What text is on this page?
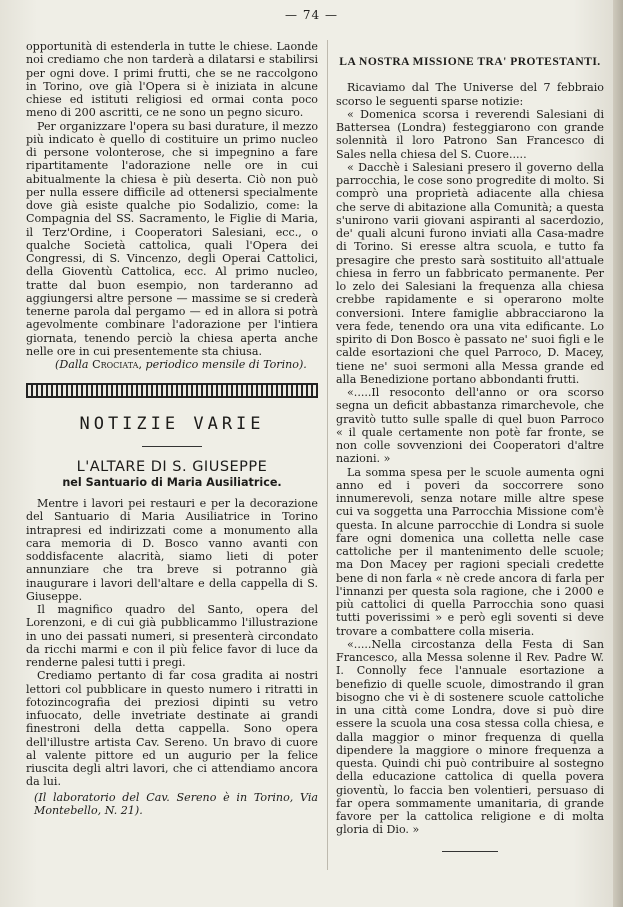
— 74 —

opportunità di estenderla in tutte le chiese. Laonde noi crediamo che non tarderà a dilatarsi e stabilirsi per ogni dove. I primi frutti, che se ne raccolgono in Torino, ove già l'Opera si è iniziata in alcune chiese ed istituti religiosi ed ormai conta poco meno di 200 ascritti, ce ne sono un pegno sicuro.

Per organizzare l'opera su basi durature, il mezzo più indicato è quello di costituire un primo nucleo di persone volonterose, che si impegnino a fare ripartitamente l'adorazione nelle ore in cui abitualmente la chiesa è più deserta. Ciò non può per nulla essere difficile ad ottenersi specialmente dove già esiste qualche pio Sodalizio, come: la Compagnia del SS. Sacramento, le Figlie di Maria, il Terz'Ordine, i Cooperatori Salesiani, ecc., o qualche Società cattolica, quali l'Opera dei Congressi, di S. Vincenzo, degli Operai Cattolici, della Gioventù Cattolica, ecc. Al primo nucleo, tratte dal buon esempio, non tarderanno ad aggiungersi altre persone — massime se si crederà tenerne parola dal pergamo — ed in allora si potrà agevolmente combinare l'adorazione per l'intiera giornata, tenendo perciò la chiesa aperta anche nelle ore in cui presentemente sta chiusa.

(Dalla Crociata, periodico mensile di Torino).

NOTIZIE VARIE
L'ALTARE DI S. GIUSEPPE
nel Santuario di Maria Ausiliatrice.

Mentre i lavori pei restauri e per la decorazione del Santuario di Maria Ausiliatrice in Torino intrapresi ed indirizzati come a monumento alla cara memoria di D. Bosco vanno avanti con soddisfacente alacrità, siamo lieti di poter annunziare che tra breve si potranno già inaugurare i lavori dell'altare e della cappella di S. Giuseppe.

Il magnifico quadro del Santo, opera del Lorenzoni, e di cui già pubblicammo l'illustrazione in uno dei passati numeri, si presenterà circondato da ricchi marmi e con il più felice favor di luce da renderne palesi tutti i pregi.

Crediamo pertanto di far cosa gradita ai nostri lettori col pubblicare in questo numero i ritratti in fotozincografia dei preziosi dipinti su vetro infuocato, delle invetriate destinate ai grandi finestroni della detta cappella. Sono opera dell'illustre artista Cav. Sereno. Un bravo di cuore al valente pittore ed un augurio per la felice riuscita degli altri lavori, che ci attendiamo ancora da lui.

(Il laboratorio del Cav. Sereno è in Torino, Via Montebello, N. 21).

LA NOSTRA MISSIONE TRA' PROTESTANTI.

Ricaviamo dal The Universe del 7 febbraio scorso le seguenti sparse notizie:

« Domenica scorsa i reverendi Salesiani di Battersea (Londra) festeggiarono con grande solennità il loro Patrono San Francesco di Sales nella chiesa del S. Cuore.....

« Dacchè i Salesiani presero il governo della parrocchia, le cose sono progredite di molto. Si comprò una proprietà adiacente alla chiesa che serve di abitazione alla Comunità; a questa s'unirono varii giovani aspiranti al sacerdozio, de' quali alcuni furono inviati alla Casa-madre di Torino. Si eresse altra scuola, e tutto fa presagire che presto sarà sostituito all'attuale chiesa in ferro un fabbricato permanente. Per lo zelo dei Salesiani la frequenza alla chiesa crebbe rapidamente e si operarono molte conversioni. Intere famiglie abbracciarono la vera fede, tenendo ora una vita edificante. Lo spirito di Don Bosco è passato ne' suoi figli e le calde esortazioni che quel Parroco, D. Macey, tiene ne' suoi sermoni alla Messa grande ed alla Benedizione portano abbondanti frutti.

«.....Il resoconto dell'anno or ora scorso segna un deficit abbastanza rimarchevole, che gravitò tutto sulle spalle di quel buon Parroco « il quale certamente non potè far fronte, se non colle sovvenzioni dei Cooperatori d'altre nazioni. »

La somma spesa per le scuole aumenta ogni anno ed i poveri da soccorrere sono innumerevoli, senza notare mille altre spese cui va soggetta una Parrocchia Missione com'è questa. In alcune parrocchie di Londra si suole fare ogni domenica una colletta nelle case cattoliche per il mantenimento delle scuole; ma Don Macey per ragioni speciali credette bene di non farla « nè crede ancora di farla per l'innanzi per questa sola ragione, che i 2000 e più cattolici di quella Parrocchia sono quasi tutti poverissimi » e però egli soventi si deve trovare a combattere colla miseria.

«.....Nella circostanza della Festa di San Francesco, alla Messa solenne il Rev. Padre W. I. Connolly fece l'annuale esortazione a benefizio di quelle scuole, dimostrando il gran bisogno che vi è di sostenere scuole cattoliche in una città come Londra, dove si può dire essere la scuola una cosa stessa colla chiesa, e dalla maggior o minor frequenza di quella dipendere la maggiore o minore frequenza a questa. Quindi chi può contribuire al sostegno della educazione cattolica di quella povera gioventù, lo faccia ben volentieri, persuaso di far opera sommamente umanitaria, di grande favore per la cattolica religione e di molta gloria di Dio. »
